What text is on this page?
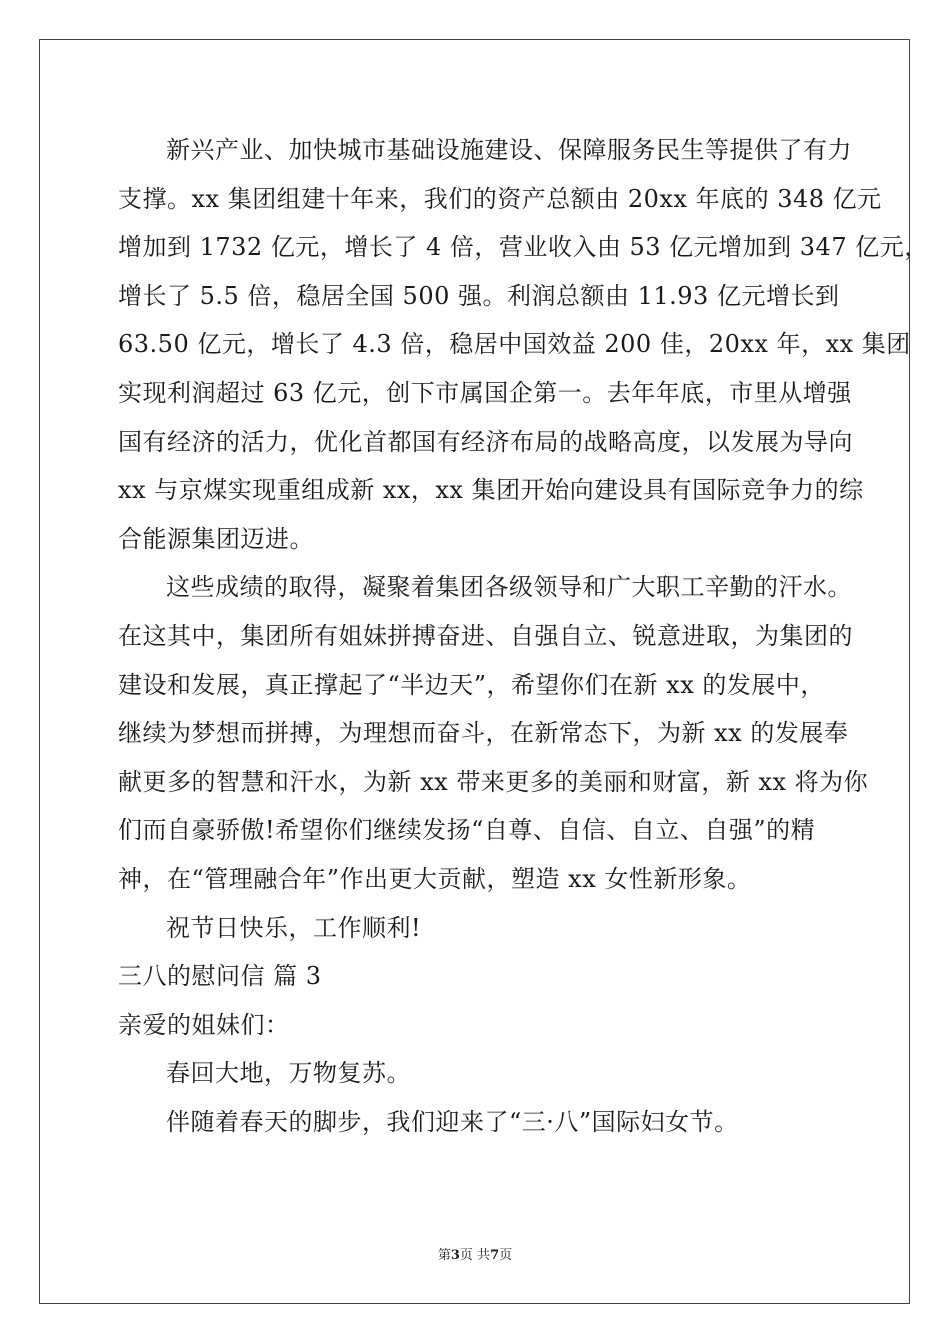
新兴产业、加快城市基础设施建设、保障服务民生等提供了有力
支撑。xx 集团组建十年来，我们的资产总额由 20xx 年底的 348 亿元
增加到 1732 亿元，增长了 4 倍，营业收入由 53 亿元增加到 347 亿元，
增长了 5.5 倍，稳居全国 500 强。利润总额由 11.93 亿元增长到
63.50 亿元，增长了 4.3 倍，稳居中国效益 200 佳，20xx 年，xx 集团
实现利润超过 63 亿元，创下市属国企第一。去年年底，市里从增强
国有经济的活力，优化首都国有经济布局的战略高度，以发展为导向
xx 与京煤实现重组成新 xx，xx 集团开始向建设具有国际竞争力的综
合能源集团迈进。
这些成绩的取得，凝聚着集团各级领导和广大职工辛勤的汗水。
在这其中，集团所有姐妹拼搏奋进、自强自立、锐意进取，为集团的
建设和发展，真正撑起了“半边天”，希望你们在新 xx 的发展中，
继续为梦想而拼搏，为理想而奋斗，在新常态下，为新 xx 的发展奉
献更多的智慧和汗水，为新 xx 带来更多的美丽和财富，新 xx 将为你
们而自豪骄傲!希望你们继续发扬“自尊、自信、自立、自强”的精
神，在“管理融合年”作出更大贡献，塑造 xx 女性新形象。
祝节日快乐，工作顺利!
三八的慰问信 篇 3
亲爱的姐妹们：
春回大地，万物复苏。
伴随着春天的脚步，我们迎来了“三·八”国际妇女节。
第3页 共7页
